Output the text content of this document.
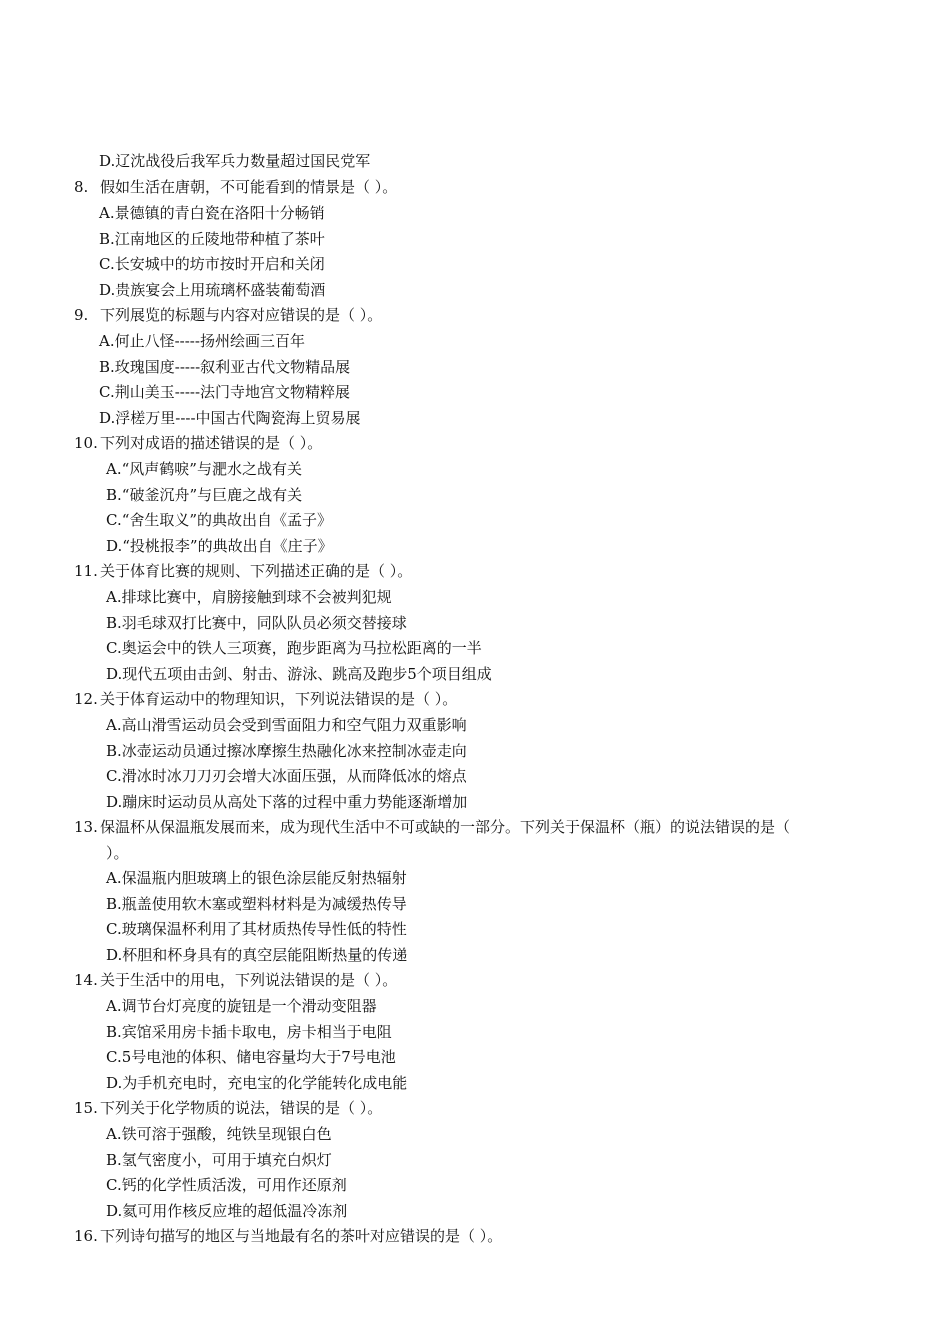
D.辽沈战役后我军兵力数量超过国民党军
8. 假如生活在唐朝，不可能看到的情景是（ ）。
A.景德镇的青白瓷在洛阳十分畅销
B.江南地区的丘陵地带种植了茶叶
C.长安城中的坊市按时开启和关闭
D.贵族宴会上用琉璃杯盛装葡萄酒
9. 下列展览的标题与内容对应错误的是（ ）。
A.何止八怪-----扬州绘画三百年
B.玫瑰国度-----叙利亚古代文物精品展
C.荆山美玉-----法门寺地宫文物精粹展
D.浮槎万里----中国古代陶瓷海上贸易展
10. 下列对成语的描述错误的是（ ）。
A.“风声鹤唳”与淝水之战有关
B.“破釜沉舟”与巨鹿之战有关
C.“舍生取义”的典故出自《孟子》
D.“投桃报李”的典故出自《庄子》
11. 关于体育比赛的规则、下列描述正确的是（ ）。
A.排球比赛中，肩膀接触到球不会被判犯规
B.羽毛球双打比赛中，同队队员必须交替接球
C.奥运会中的铁人三项赛，跑步距离为马拉松距离的一半
D.现代五项由击剑、射击、游泳、跳高及跑步5个项目组成
12. 关于体育运动中的物理知识，下列说法错误的是（ ）。
A.高山滑雪运动员会受到雪面阻力和空气阻力双重影响
B.冰壶运动员通过擦冰摩擦生热融化冰来控制冰壶走向
C.滑冰时冰刀刀刃会增大冰面压强，从而降低冰的熔点
D.蹦床时运动员从高处下落的过程中重力势能逐渐增加
13. 保温杯从保温瓶发展而来，成为现代生活中不可或缺的一部分。下列关于保温杯（瓶）的说法错误的是（
）。
A.保温瓶内胆玻璃上的银色涂层能反射热辐射
B.瓶盖使用软木塞或塑料材料是为减缓热传导
C.玻璃保温杯利用了其材质热传导性低的特性
D.杯胆和杯身具有的真空层能阻断热量的传递
14. 关于生活中的用电，下列说法错误的是（ ）。
A.调节台灯亮度的旋钮是一个滑动变阻器
B.宾馆采用房卡插卡取电，房卡相当于电阻
C.5号电池的体积、储电容量均大于7号电池
D.为手机充电时，充电宝的化学能转化成电能
15. 下列关于化学物质的说法，错误的是（ ）。
A.铁可溶于强酸，纯铁呈现银白色
B.氢气密度小，可用于填充白炽灯
C.钙的化学性质活泼，可用作还原剂
D.氦可用作核反应堆的超低温冷冻剂
16. 下列诗句描写的地区与当地最有名的茶叶对应错误的是（ ）。
